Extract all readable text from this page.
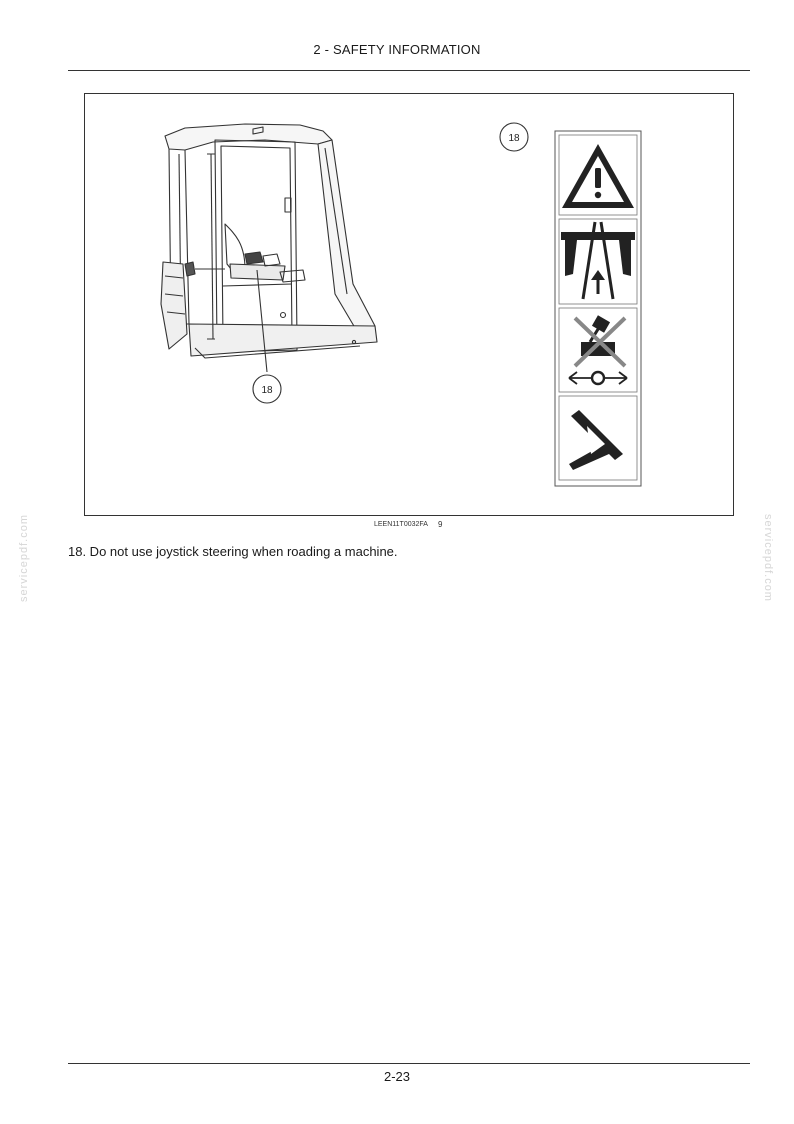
2 - SAFETY INFORMATION
servicepdf.com	servicepdf.com
18
18
LEEN11T0032FA 9
18. Do not use joystick steering when roading a machine.
2-23
